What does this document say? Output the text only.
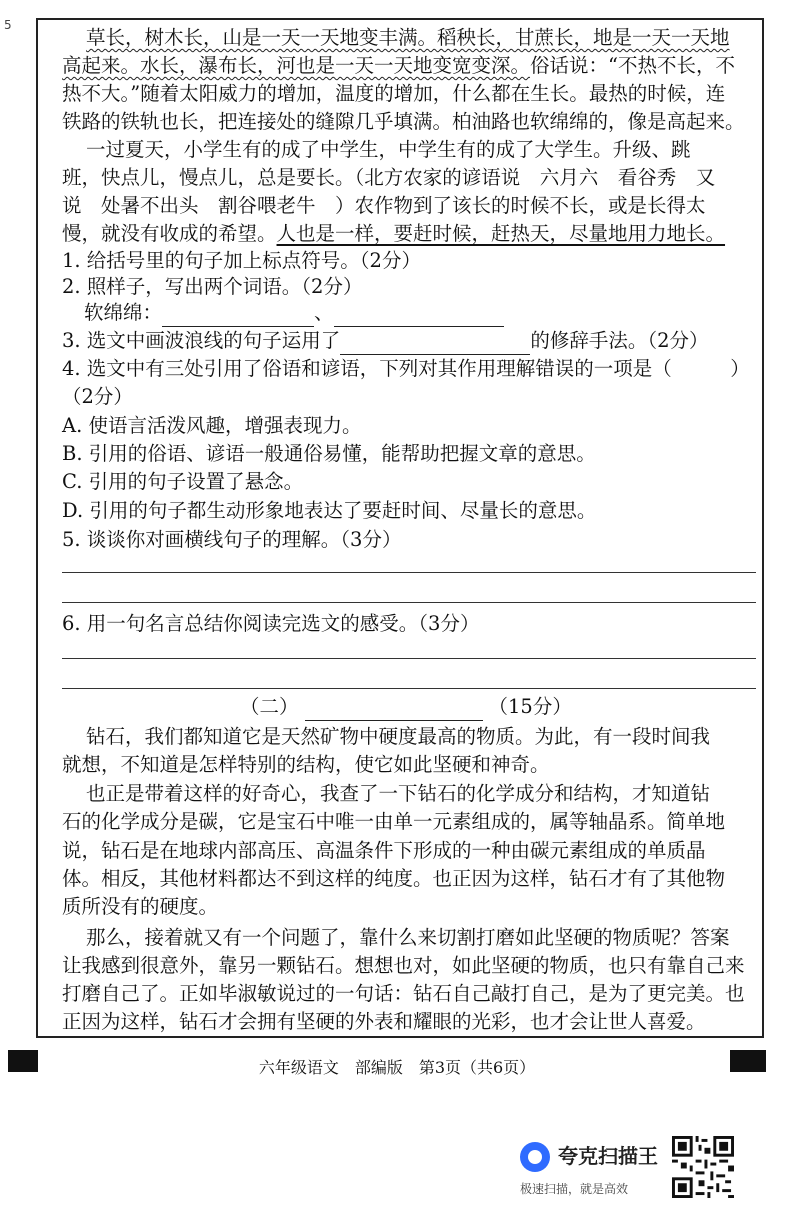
5
草长，树木长，山是一天一天地变丰满。稻秧长，甘蔗长，地是一天一天地
高起来。水长，瀑布长，河也是一天一天地变宽变深。俗话说：“不热不长，不
热不大。”随着太阳威力的增加，温度的增加，什么都在生长。最热的时候，连
铁路的铁轨也长，把连接处的缝隙几乎填满。柏油路也软绵绵的，像是高起来。
一过夏天，小学生有的成了中学生，中学生有的成了大学生。升级、跳
班，快点儿，慢点儿，总是要长。（北方农家的谚语说　六月六　看谷秀　又
说　处暑不出头　割谷喂老牛　）农作物到了该长的时候不长，或是长得太
慢，就没有收成的希望。人也是一样，要赶时候，赶热天，尽量地用力地长。
1. 给括号里的句子加上标点符号。（2分）
2. 照样子，写出两个词语。（2分）
软绵绵：	、
3. 选文中画波浪线的句子运用了	的修辞手法。（2分）
4. 选文中有三处引用了俗语和谚语，下列对其作用理解错误的一项是（　　　）
（2分）
A. 使语言活泼风趣，增强表现力。
B. 引用的俗语、谚语一般通俗易懂，能帮助把握文章的意思。
C. 引用的句子设置了悬念。
D. 引用的句子都生动形象地表达了要赶时间、尽量长的意思。
5. 谈谈你对画横线句子的理解。（3分）
6. 用一句名言总结你阅读完选文的感受。（3分）
（二）	（15分）
钻石，我们都知道它是天然矿物中硬度最高的物质。为此，有一段时间我
就想，不知道是怎样特别的结构，使它如此坚硬和神奇。
也正是带着这样的好奇心，我查了一下钻石的化学成分和结构，才知道钻
石的化学成分是碳，它是宝石中唯一由单一元素组成的，属等轴晶系。简单地
说，钻石是在地球内部高压、高温条件下形成的一种由碳元素组成的单质晶
体。相反，其他材料都达不到这样的纯度。也正因为这样，钻石才有了其他物
质所没有的硬度。
那么，接着就又有一个问题了，靠什么来切割打磨如此坚硬的物质呢？答案
让我感到很意外，靠另一颗钻石。想想也对，如此坚硬的物质，也只有靠自己来
打磨自己了。正如毕淑敏说过的一句话：钻石自己敲打自己，是为了更完美。也
正因为这样，钻石才会拥有坚硬的外表和耀眼的光彩，也才会让世人喜爱。
六年级语文　部编版　第3页（共6页）
夸克扫描王
极速扫描，就是高效
